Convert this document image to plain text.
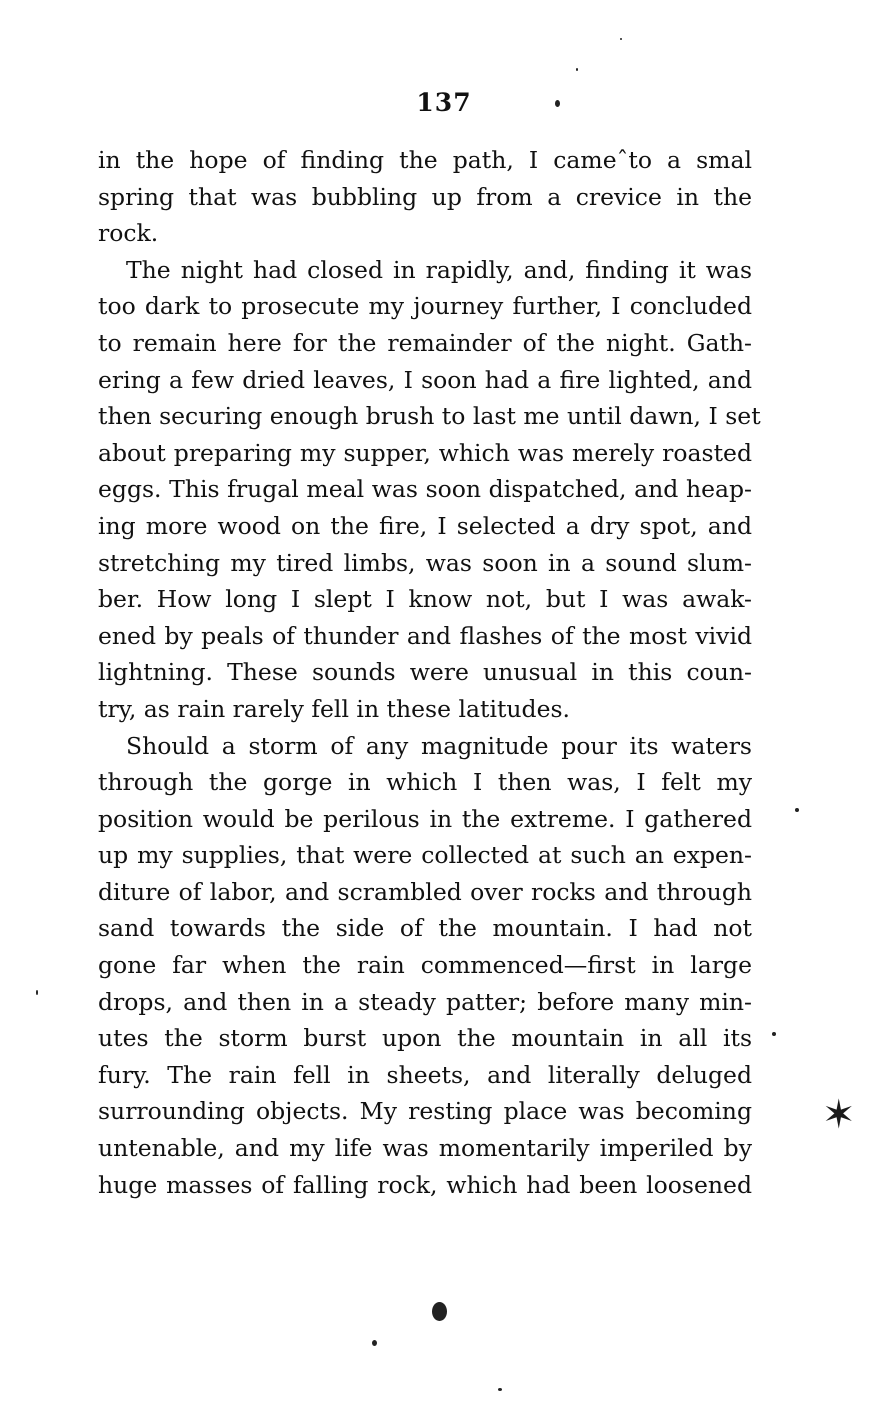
137
in the hope of finding the path, I cameˆto a smal
spring that was bubbling up from a crevice in the
rock.
The night had closed in rapidly, and, finding it was
too dark to prosecute my journey further, I concluded
to remain here for the remainder of the night. Gath-
ering a few dried leaves, I soon had a fire lighted, and
then securing enough brush to last me until dawn, I set
about preparing my supper, which was merely roasted
eggs. This frugal meal was soon dispatched, and heap-
ing more wood on the fire, I selected a dry spot, and
stretching my tired limbs, was soon in a sound slum-
ber. How long I slept I know not, but I was awak-
ened by peals of thunder and flashes of the most vivid
lightning. These sounds were unusual in this coun-
try, as rain rarely fell in these latitudes.
Should a storm of any magnitude pour its waters
through the gorge in which I then was, I felt my
position would be perilous in the extreme. I gathered
up my supplies, that were collected at such an expen-
diture of labor, and scrambled over rocks and through
sand towards the side of the mountain. I had not
gone far when the rain commenced—first in large
drops, and then in a steady patter; before many min-
utes the storm burst upon the mountain in all its
fury. The rain fell in sheets, and literally deluged
surrounding objects. My resting place was becoming
untenable, and my life was momentarily imperiled by
huge masses of falling rock, which had been loosened
✶
